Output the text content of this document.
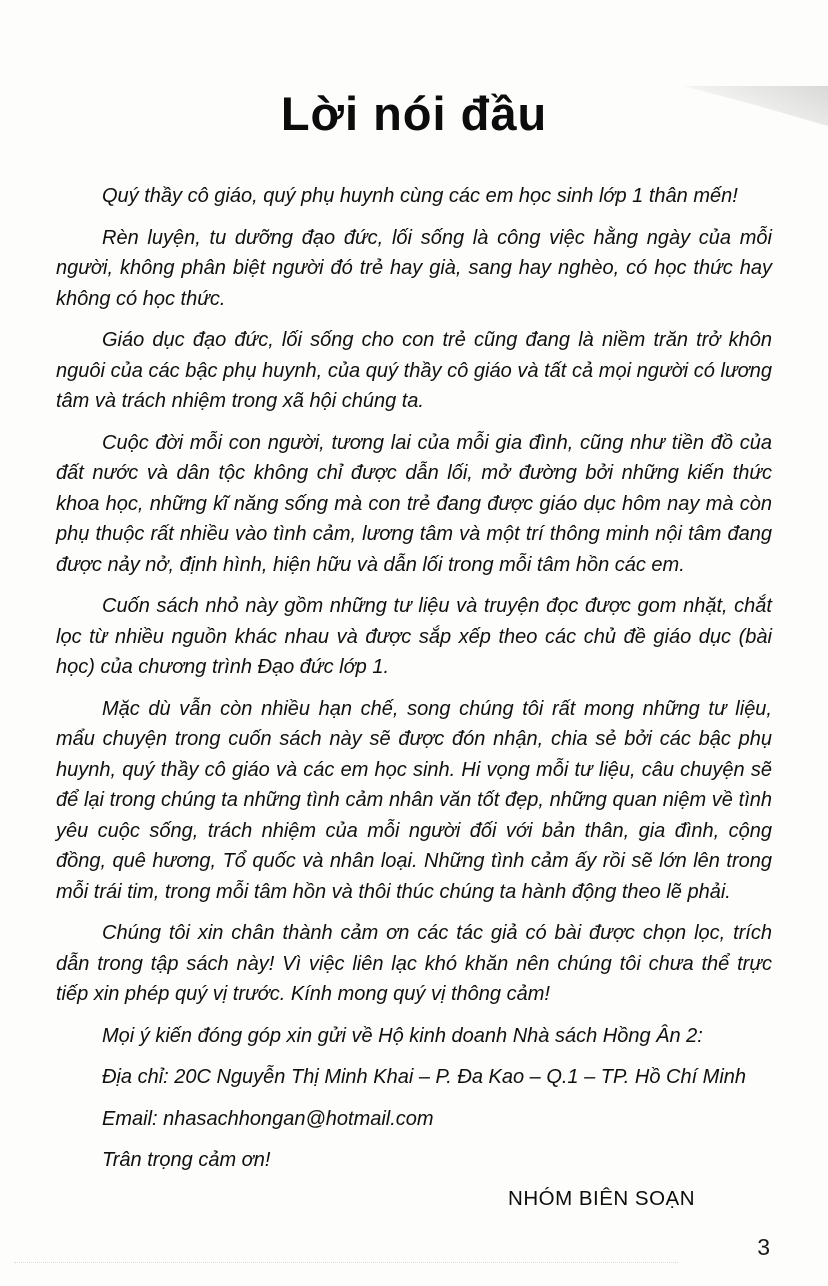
Lời nói đầu

Quý thầy cô giáo, quý phụ huynh cùng các em học sinh lớp 1 thân mến!

Rèn luyện, tu dưỡng đạo đức, lối sống là công việc hằng ngày của mỗi người, không phân biệt người đó trẻ hay già, sang hay nghèo, có học thức hay không có học thức.

Giáo dục đạo đức, lối sống cho con trẻ cũng đang là niềm trăn trở khôn nguôi của các bậc phụ huynh, của quý thầy cô giáo và tất cả mọi người có lương tâm và trách nhiệm trong xã hội chúng ta.

Cuộc đời mỗi con người, tương lai của mỗi gia đình, cũng như tiền đồ của đất nước và dân tộc không chỉ được dẫn lối, mở đường bởi những kiến thức khoa học, những kĩ năng sống mà con trẻ đang được giáo dục hôm nay mà còn phụ thuộc rất nhiều vào tình cảm, lương tâm và một trí thông minh nội tâm đang được nảy nở, định hình, hiện hữu và dẫn lối trong mỗi tâm hồn các em.

Cuốn sách nhỏ này gồm những tư liệu và truyện đọc được gom nhặt, chắt lọc từ nhiều nguồn khác nhau và được sắp xếp theo các chủ đề giáo dục (bài học) của chương trình Đạo đức lớp 1.

Mặc dù vẫn còn nhiều hạn chế, song chúng tôi rất mong những tư liệu, mẩu chuyện trong cuốn sách này sẽ được đón nhận, chia sẻ bởi các bậc phụ huynh, quý thầy cô giáo và các em học sinh. Hi vọng mỗi tư liệu, câu chuyện sẽ để lại trong chúng ta những tình cảm nhân văn tốt đẹp, những quan niệm về tình yêu cuộc sống, trách nhiệm của mỗi người đối với bản thân, gia đình, cộng đồng, quê hương, Tổ quốc và nhân loại. Những tình cảm ấy rồi sẽ lớn lên trong mỗi trái tim, trong mỗi tâm hồn và thôi thúc chúng ta hành động theo lẽ phải.

Chúng tôi xin chân thành cảm ơn các tác giả có bài được chọn lọc, trích dẫn trong tập sách này! Vì việc liên lạc khó khăn nên chúng tôi chưa thể trực tiếp xin phép quý vị trước. Kính mong quý vị thông cảm!

Mọi ý kiến đóng góp xin gửi về Hộ kinh doanh Nhà sách Hồng Ân 2:

Địa chỉ: 20C Nguyễn Thị Minh Khai – P. Đa Kao – Q.1 – TP. Hồ Chí Minh

Email: nhasachhongan@hotmail.com

Trân trọng cảm ơn!

NHÓM BIÊN SOẠN
3
